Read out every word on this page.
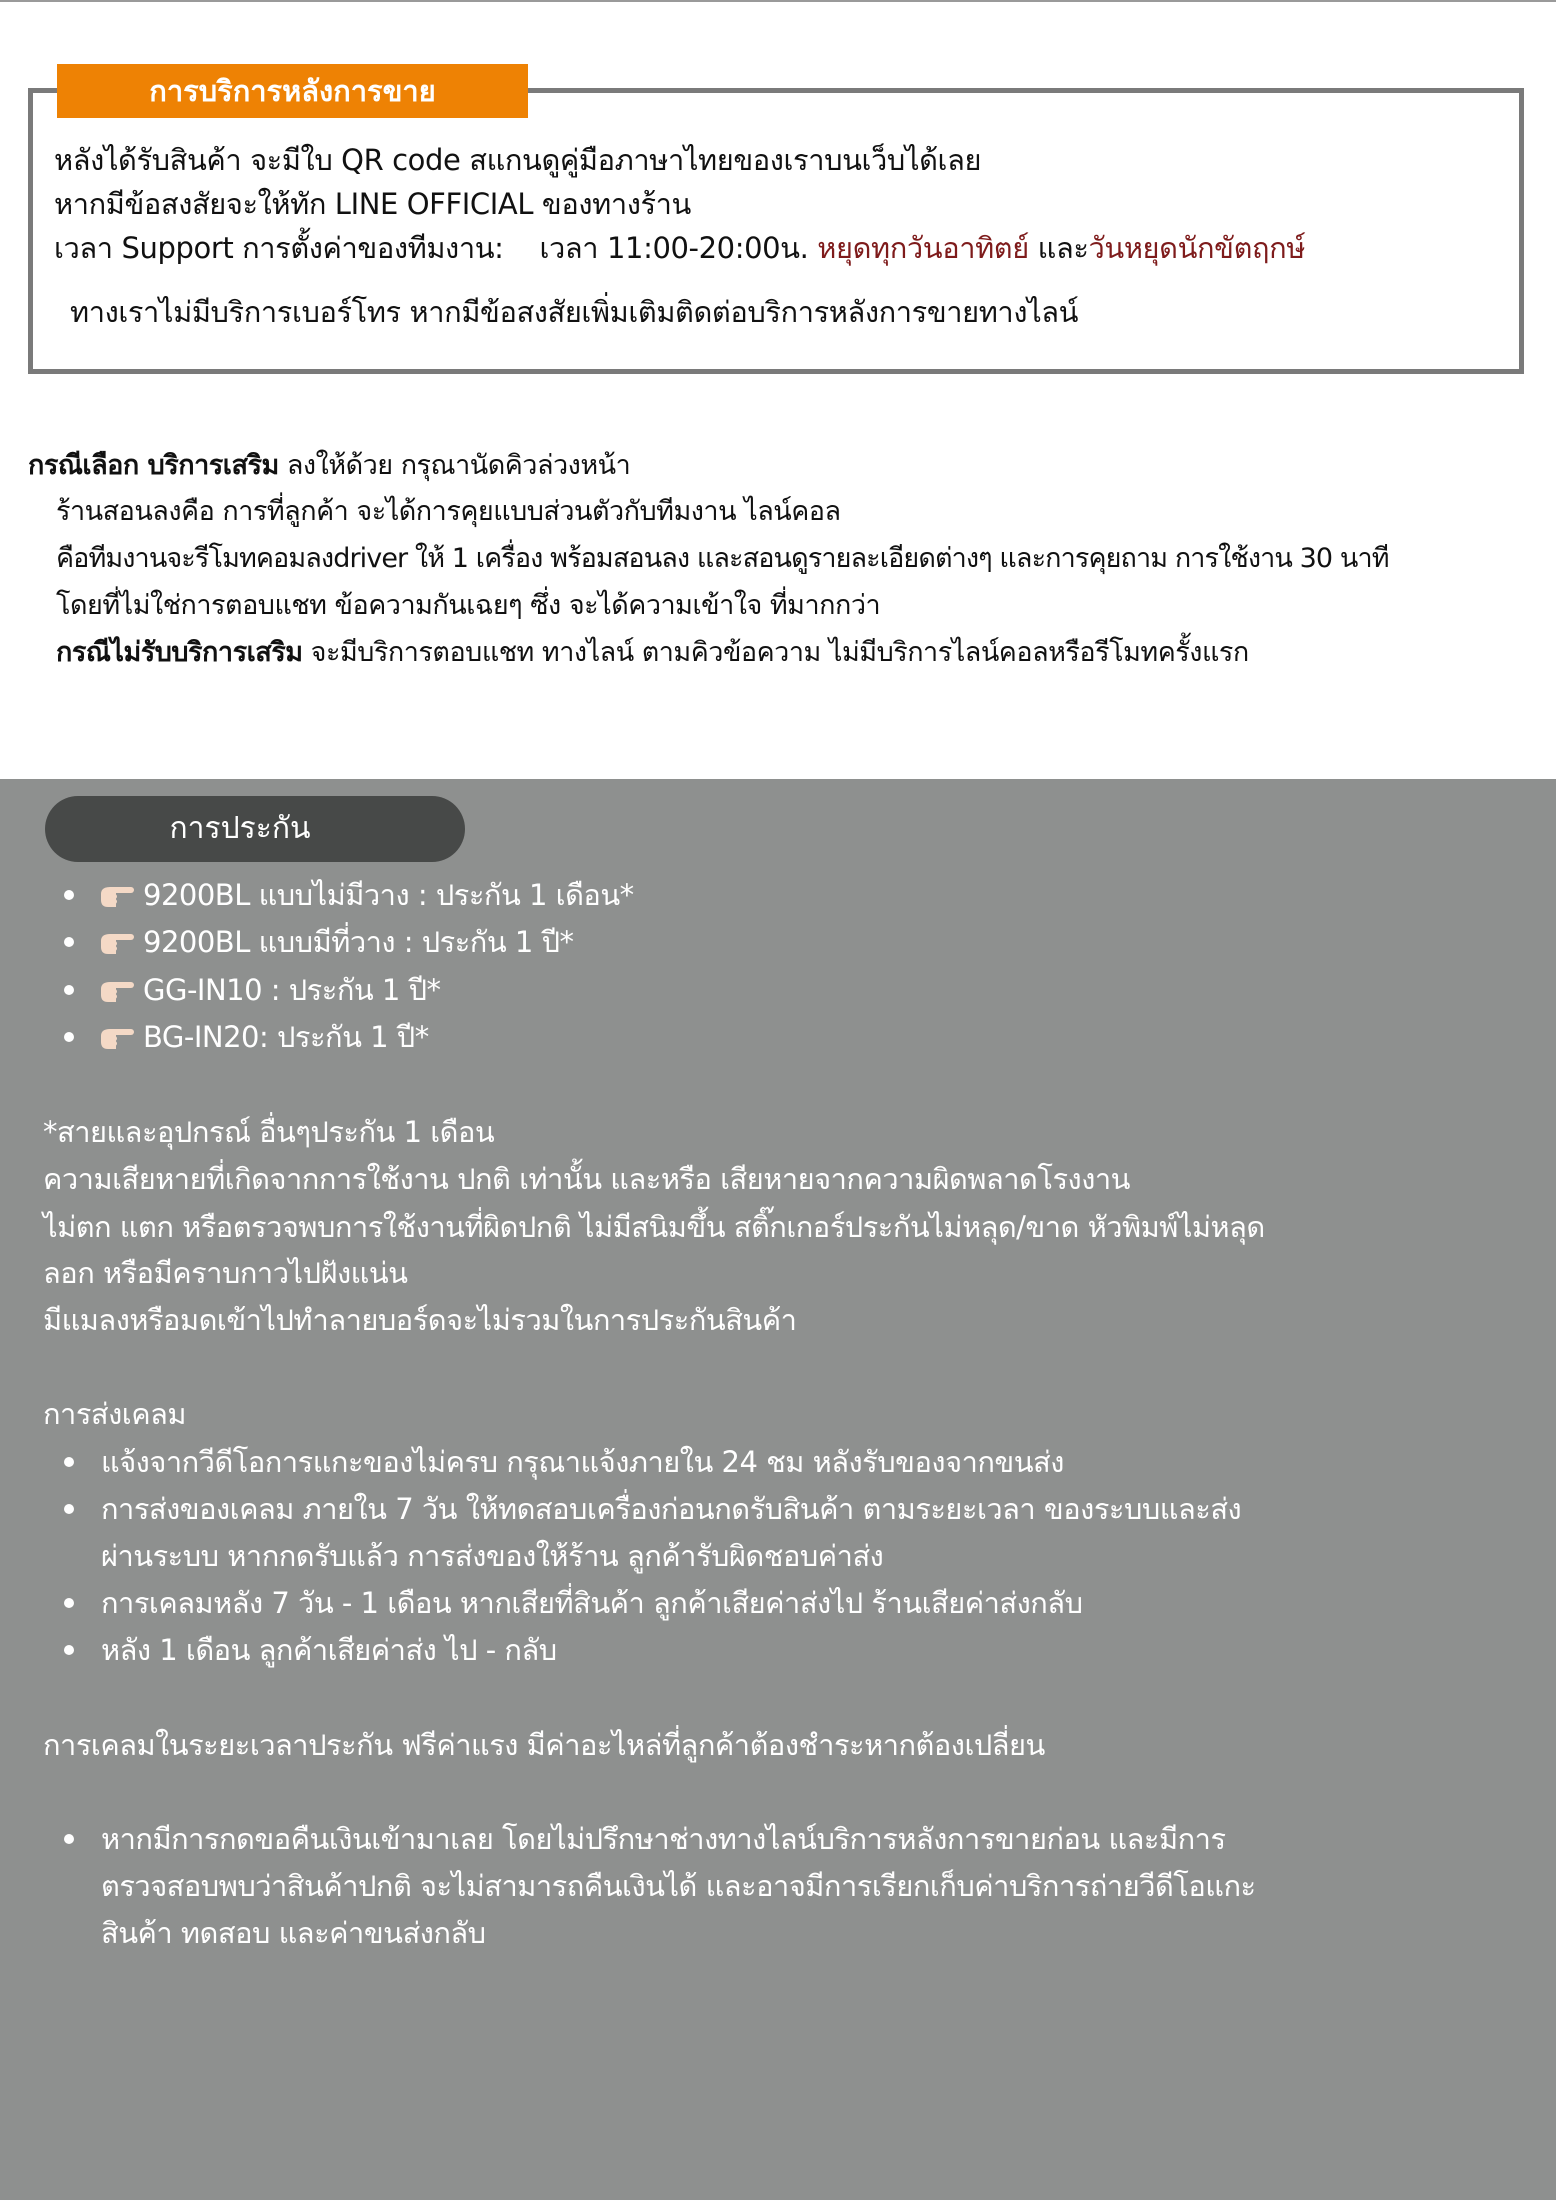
การบริการหลังการขาย
หลังได้รับสินค้า จะมีใบ QR code สแกนดูคู่มือภาษาไทยของเราบนเว็บได้เลย
หากมีข้อสงสัยจะให้ทัก LINE OFFICIAL ของทางร้าน
เวลา Support การตั้งค่าของทีมงาน: เวลา 11:00-20:00น. หยุดทุกวันอาทิตย์ และวันหยุดนักขัตฤกษ์
ทางเราไม่มีบริการเบอร์โทร หากมีข้อสงสัยเพิ่มเติมติดต่อบริการหลังการขายทางไลน์
กรณีเลือก บริการเสริม ลงให้ด้วย กรุณานัดคิวล่วงหน้า
ร้านสอนลงคือ การที่ลูกค้า จะได้การคุยแบบส่วนตัวกับทีมงาน ไลน์คอล
คือทีมงานจะรีโมทคอมลงdriver ให้ 1 เครื่อง พร้อมสอนลง และสอนดูรายละเอียดต่างๆ และการคุยถาม การใช้งาน 30 นาที
โดยที่ไม่ใช่การตอบแชท ข้อความกันเฉยๆ ซึ่ง จะได้ความเข้าใจ ที่มากกว่า
กรณีไม่รับบริการเสริม จะมีบริการตอบแชท ทางไลน์ ตามคิวข้อความ ไม่มีบริการไลน์คอลหรือรีโมทครั้งแรก
การประกัน
9200BL แบบไม่มีวาง : ประกัน 1 เดือน*
9200BL แบบมีที่วาง : ประกัน 1 ปี*
GG-IN10 : ประกัน 1 ปี*
BG-IN20: ประกัน 1 ปี*
*สายและอุปกรณ์ อื่นๆประกัน 1 เดือน
ความเสียหายที่เกิดจากการใช้งาน ปกติ เท่านั้น และหรือ เสียหายจากความผิดพลาดโรงงาน
ไม่ตก แตก หรือตรวจพบการใช้งานที่ผิดปกติ ไม่มีสนิมขึ้น สติ๊กเกอร์ประกันไม่หลุด/ขาด หัวพิมพ์ไม่หลุด
ลอก หรือมีคราบกาวไปฝังแน่น
มีแมลงหรือมดเข้าไปทำลายบอร์ดจะไม่รวมในการประกันสินค้า
การส่งเคลม
แจ้งจากวีดีโอการแกะของไม่ครบ กรุณาแจ้งภายใน 24 ชม หลังรับของจากขนส่ง
การส่งของเคลม ภายใน 7 วัน ให้ทดสอบเครื่องก่อนกดรับสินค้า ตามระยะเวลา ของระบบและส่ง
ผ่านระบบ หากกดรับแล้ว การส่งของให้ร้าน ลูกค้ารับผิดชอบค่าส่ง
การเคลมหลัง 7 วัน - 1 เดือน หากเสียที่สินค้า ลูกค้าเสียค่าส่งไป ร้านเสียค่าส่งกลับ
หลัง 1 เดือน ลูกค้าเสียค่าส่ง ไป - กลับ
การเคลมในระยะเวลาประกัน ฟรีค่าแรง มีค่าอะไหล่ที่ลูกค้าต้องชำระหากต้องเปลี่ยน
หากมีการกดขอคืนเงินเข้ามาเลย โดยไม่ปรึกษาช่างทางไลน์บริการหลังการขายก่อน และมีการ
ตรวจสอบพบว่าสินค้าปกติ จะไม่สามารถคืนเงินได้ และอาจมีการเรียกเก็บค่าบริการถ่ายวีดีโอแกะ
สินค้า ทดสอบ และค่าขนส่งกลับ
